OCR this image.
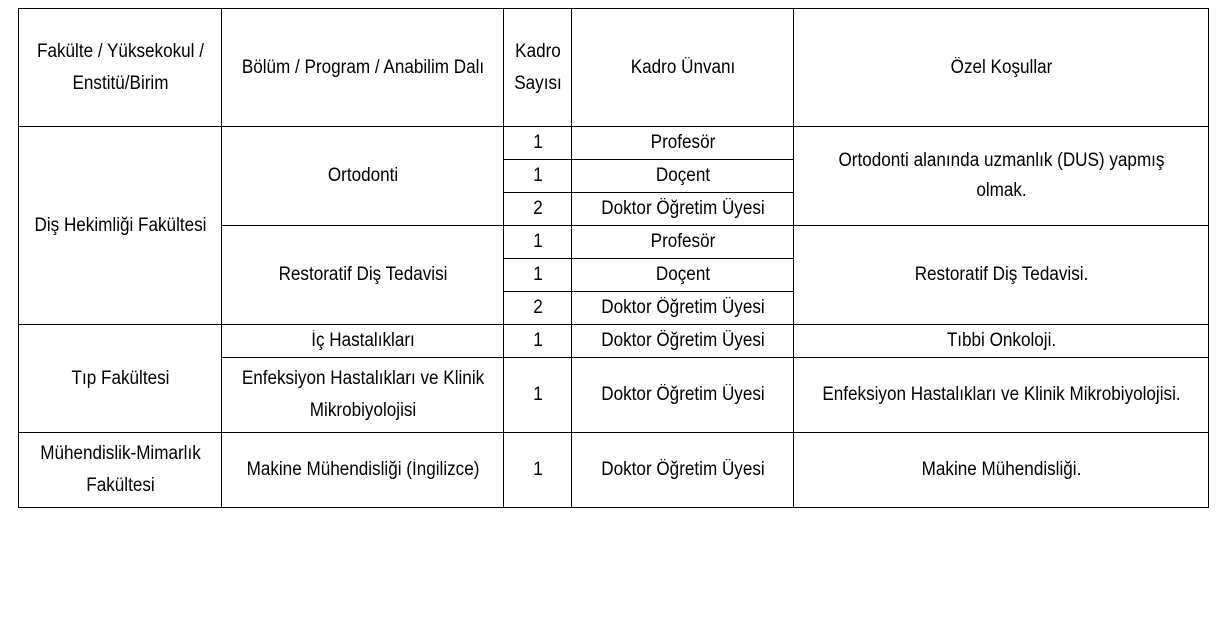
Fakülte / Yüksekokul / Enstitü/Birim	Bölüm / Program / Anabilim Dalı	Kadro Sayısı	Kadro Ünvanı	Özel Koşullar
Diş Hekimliği Fakültesi	Ortodonti	1	Profesör	Ortodonti alanında uzmanlık (DUS) yapmış olmak.
		1	Doçent	
		2	Doktor Öğretim Üyesi	
	Restoratif Diş Tedavisi	1	Profesör	Restoratif Diş Tedavisi.
		1	Doçent	
		2	Doktor Öğretim Üyesi	
Tıp Fakültesi	İç Hastalıkları	1	Doktor Öğretim Üyesi	Tıbbi Onkoloji.
	Enfeksiyon Hastalıkları ve Klinik Mikrobiyolojisi	1	Doktor Öğretim Üyesi	Enfeksiyon Hastalıkları ve Klinik Mikrobiyolojisi.
Mühendislik-Mimarlık Fakültesi	Makine Mühendisliği (İngilizce)	1	Doktor Öğretim Üyesi	Makine Mühendisliği.
